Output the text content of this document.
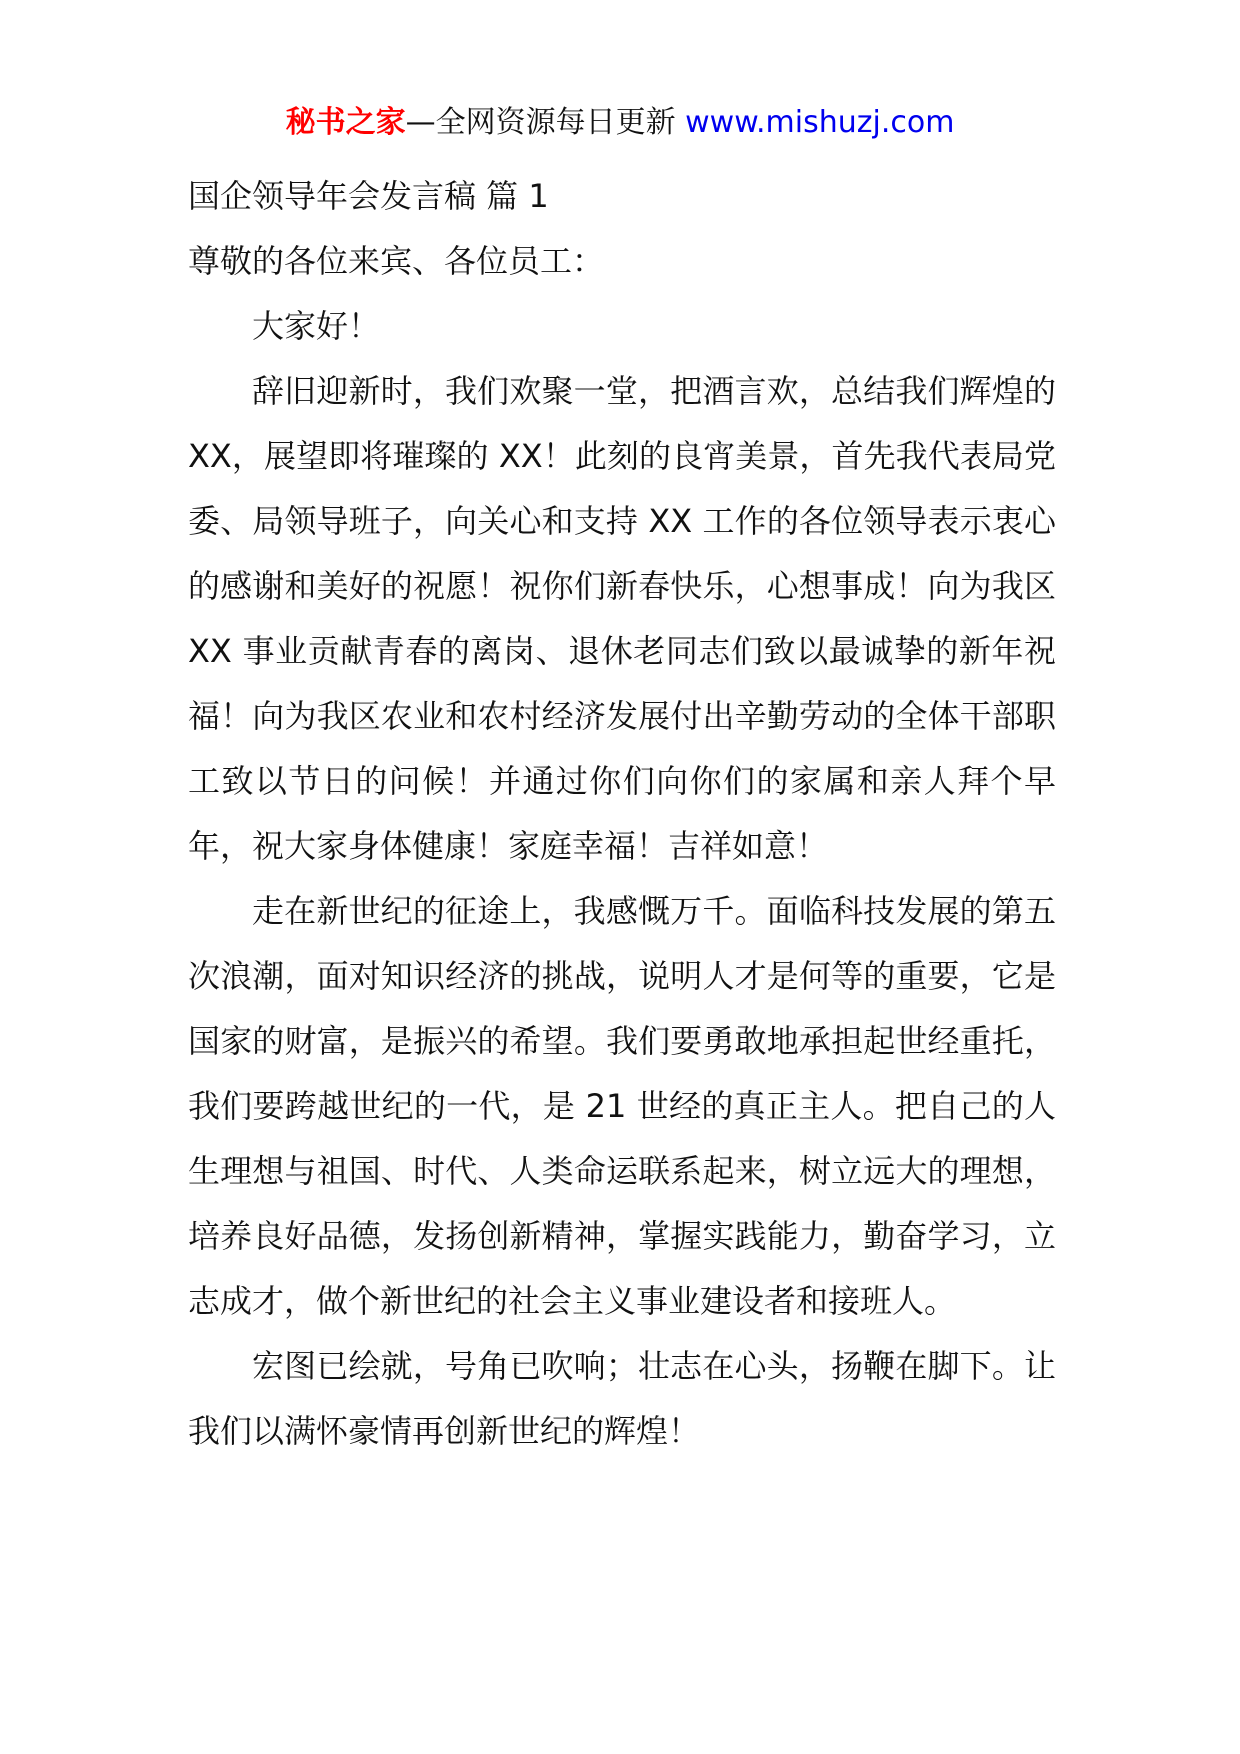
秘书之家—全网资源每日更新 www.mishuzj.com

国企领导年会发言稿 篇 1

尊敬的各位来宾、各位员工：

大家好！

辞旧迎新时，我们欢聚一堂，把酒言欢，总结我们辉煌的 XX，展望即将璀璨的 XX！此刻的良宵美景，首先我代表局党委、局领导班子，向关心和支持 XX 工作的各位领导表示衷心的感谢和美好的祝愿！祝你们新春快乐，心想事成！向为我区 XX 事业贡献青春的离岗、退休老同志们致以最诚挚的新年祝福！向为我区农业和农村经济发展付出辛勤劳动的全体干部职工致以节日的问候！并通过你们向你们的家属和亲人拜个早年，祝大家身体健康！家庭幸福！吉祥如意！

走在新世纪的征途上，我感慨万千。面临科技发展的第五次浪潮，面对知识经济的挑战，说明人才是何等的重要，它是国家的财富，是振兴的希望。我们要勇敢地承担起世经重托，我们要跨越世纪的一代，是 21 世经的真正主人。把自己的人生理想与祖国、时代、人类命运联系起来，树立远大的理想，培养良好品德，发扬创新精神，掌握实践能力，勤奋学习，立志成才，做个新世纪的社会主义事业建设者和接班人。

宏图已绘就，号角已吹响；壮志在心头，扬鞭在脚下。让我们以满怀豪情再创新世纪的辉煌！
